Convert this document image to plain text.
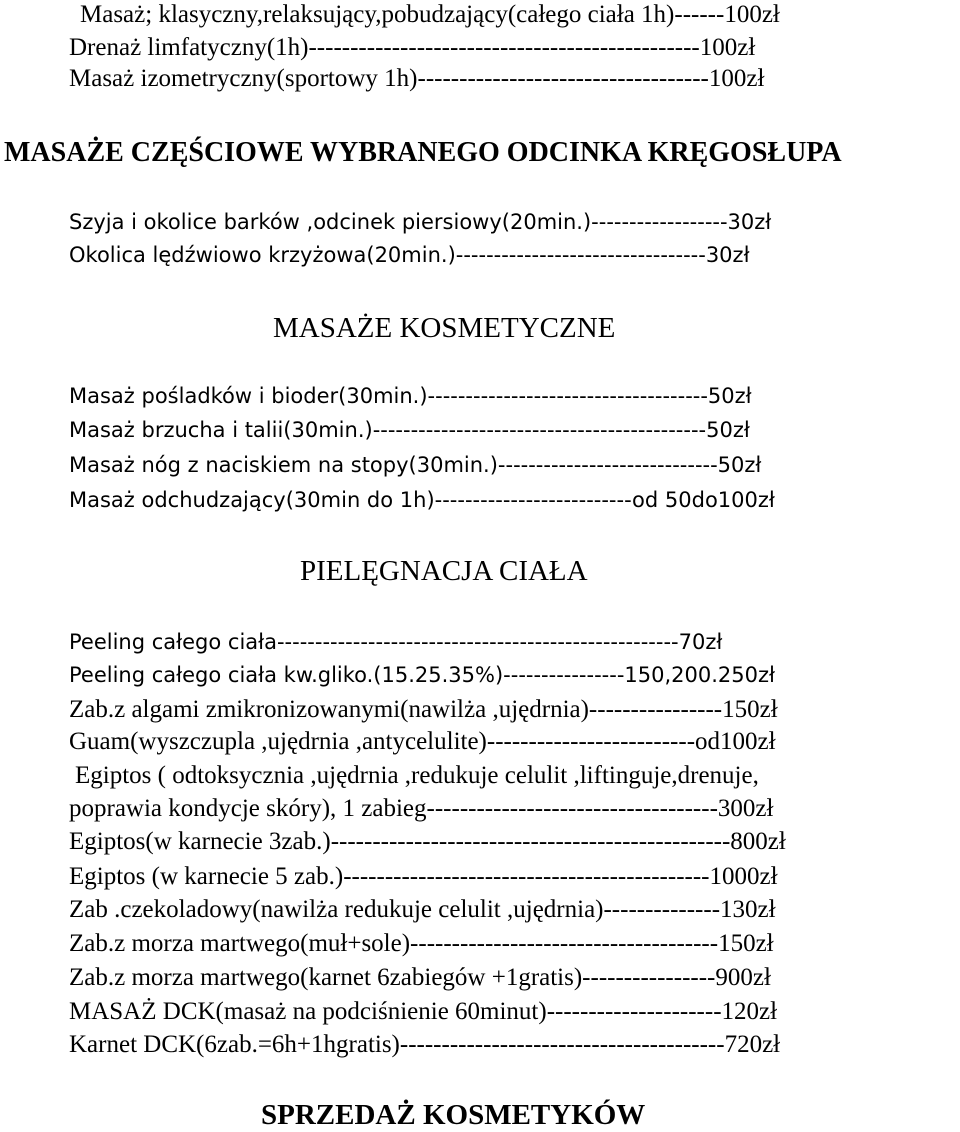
Masaż; klasyczny,relaksujący,pobudzający(całego ciała 1h)------100zł
Drenaż limfatyczny(1h)-----------------------------------------------100zł
Masaż izometryczny(sportowy 1h)-----------------------------------100zł
MASAŻE CZĘŚCIOWE WYBRANEGO ODCINKA KRĘGOSŁUPA
Szyja i okolice barków ,odcinek piersiowy(20min.)------------------30zł
Okolica lędźwiowo krzyżowa(20min.)---------------------------------30zł
MASAŻE KOSMETYCZNE
Masaż pośladków i bioder(30min.)-------------------------------------50zł
Masaż brzucha i talii(30min.)--------------------------------------------50zł
Masaż nóg z naciskiem na stopy(30min.)-----------------------------50zł
Masaż odchudzający(30min do 1h)--------------------------od 50do100zł
PIELĘGNACJA CIAŁA
Peeling całego ciała-----------------------------------------------------70zł
Peeling całego ciała kw.gliko.(15.25.35%)----------------150,200.250zł
Zab.z algami zmikronizowanymi(nawilża ,ujędrnia)----------------150zł
Guam(wyszczupla ,ujędrnia ,antycelulite)-------------------------od100zł
Egiptos ( odtoksycznia ,ujędrnia ,redukuje celulit ,liftinguje,drenuje,
poprawia kondycje skóry), 1 zabieg-----------------------------------300zł
Egiptos(w karnecie 3zab.)------------------------------------------------800zł
Egiptos (w karnecie 5 zab.)--------------------------------------------1000zł
Zab .czekoladowy(nawilża redukuje celulit ,ujędrnia)--------------130zł
Zab.z morza martwego(muł+sole)-------------------------------------150zł
Zab.z morza martwego(karnet 6zabiegów +1gratis)----------------900zł
MASAŻ DCK(masaż na podciśnienie 60minut)---------------------120zł
Karnet DCK(6zab.=6h+1hgratis)---------------------------------------720zł
SPRZEDAŻ KOSMETYKÓW
